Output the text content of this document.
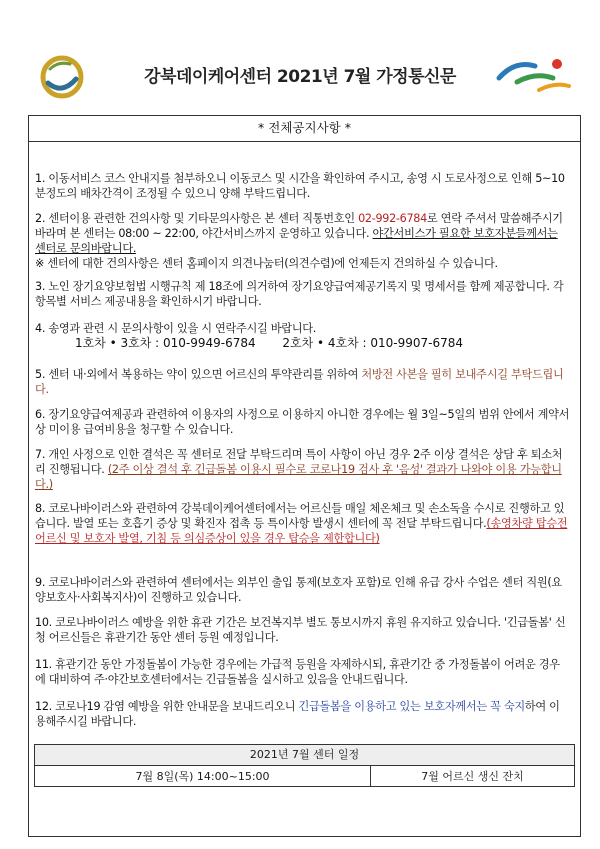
강북데이케어센터 2021년 7월 가정통신문
* 전체공지사항 *
1. 이동서비스 코스 안내지를 첨부하오니 이동코스 및 시간을 확인하여 주시고, 송영 시 도로사정으로 인해 5~10분정도의 배차간격이 조정될 수 있으니 양해 부탁드립니다.
2. 센터이용 관련한 건의사항 및 기타문의사항은 본 센터 직통번호인 02-992-6784로 연락 주셔서 말씀해주시기 바라며 본 센터는 08:00 ~ 22:00, 야간서비스까지 운영하고 있습니다. 야간서비스가 필요한 보호자분들께서는 센터로 문의바랍니다.
※ 센터에 대한 건의사항은 센터 홈페이지 의견나눔터(의견수렴)에 언제든지 건의하실 수 있습니다.
3. 노인 장기요양보험법 시행규칙 제 18조에 의거하여 장기요양급여제공기록지 및 명세서를 함께 제공합니다. 각 항목별 서비스 제공내용을 확인하시기 바랍니다.
4. 송영과 관련 시 문의사항이 있을 시 연락주시길 바랍니다.
1호차 • 3호차 : 010-9949-6784       2호차 • 4호차 : 010-9907-6784
5. 센터 내·외에서 복용하는 약이 있으면 어르신의 투약관리를 위하여 처방전 사본을 필히 보내주시길 부탁드립니다.
6. 장기요양급여제공과 관련하여 이용자의 사정으로 이용하지 아니한 경우에는 월 3일~5일의 범위 안에서 계약서상 미이용 급여비용을 청구할 수 있습니다.
7. 개인 사정으로 인한 결석은 꼭 센터로 전달 부탁드리며 특이 사항이 아닌 경우 2주 이상 결석은 상담 후 퇴소처리 진행됩니다. (2주 이상 결석 후 긴급돌봄 이용시 필수로 코로나19 검사 후 '음성' 결과가 나와야 이용 가능합니다.)
8. 코로나바이러스와 관련하여 강북데이케어센터에서는 어르신들 매일 체온체크 및 손소독을 수시로 진행하고 있습니다. 발열 또는 호흡기 증상 및 확진자 접촉 등 특이사항 발생시 센터에 꼭 전달 부탁드립니다.(송영차량 탑승전 어르신 및 보호자 발열, 기침 등 의심증상이 있을 경우 탑승을 제한합니다)
9. 코로나바이러스와 관련하여 센터에서는 외부인 출입 통제(보호자 포함)로 인해 유급 강사 수업은 센터 직원(요양보호사·사회복지사)이 진행하고 있습니다.
10. 코로나바이러스 예방을 위한 휴관 기간은 보건복지부 별도 통보시까지 휴원 유지하고 있습니다. '긴급돌봄' 신청 어르신들은 휴관기간 동안 센터 등원 예정입니다.
11. 휴관기간 동안 가정돌봄이 가능한 경우에는 가급적 등원을 자제하시되, 휴관기간 중 가정돌봄이 어려운 경우에 대비하여 주·야간보호센터에서는 긴급돌봄을 실시하고 있음을 안내드립니다.
12. 코로나19 감염 예방을 위한 안내문을 보내드리오니 긴급돌봄을 이용하고 있는 보호자께서는 꼭 숙지하여 이용해주시길 바랍니다.
2021년 7월 센터 일정
7월 8일(목) 14:00~15:00	7월 어르신 생신 잔치
